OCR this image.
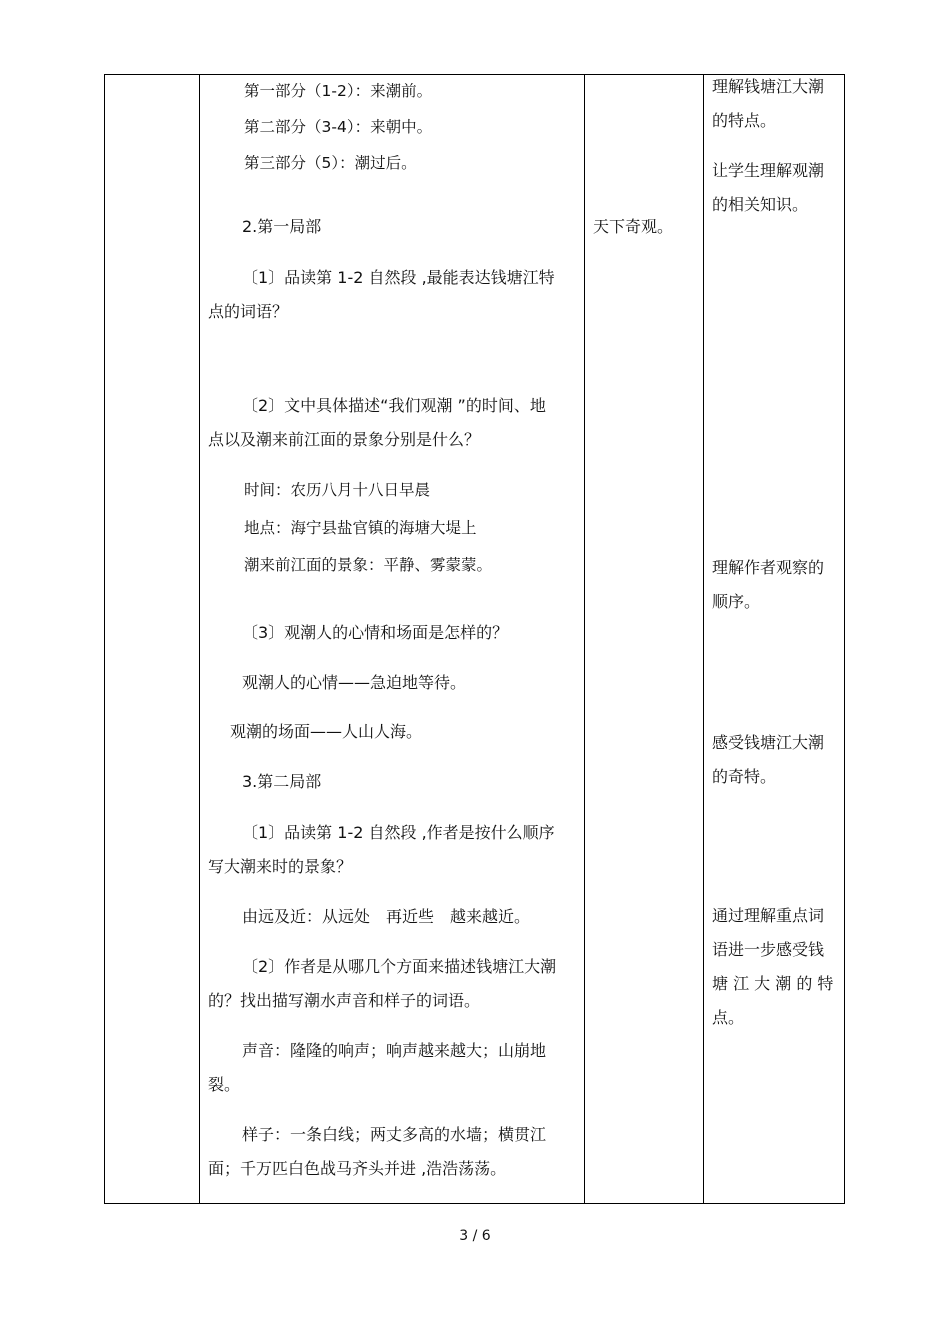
第一部分（1-2）：来潮前。
第二部分（3-4）：来朝中。
第三部分（5）：潮过后。
2.第一局部
〔1〕品读第 1-2 自然段 ,最能表达钱塘江特
点的词语？
〔2〕文中具体描述“我们观潮 ”的时间、地
点以及潮来前江面的景象分别是什么？
时间：农历八月十八日早晨
地点：海宁县盐官镇的海塘大堤上
潮来前江面的景象：平静、雾蒙蒙。
〔3〕观潮人的心情和场面是怎样的？
观潮人的心情——急迫地等待。
观潮的场面——人山人海。
3.第二局部
〔1〕品读第 1-2 自然段 ,作者是按什么顺序
写大潮来时的景象？
由远及近：从远处　再近些　越来越近。
〔2〕作者是从哪几个方面来描述钱塘江大潮
的？找出描写潮水声音和样子的词语。
声音：隆隆的响声；响声越来越大；山崩地
裂。
样子：一条白线；两丈多高的水墙；横贯江
面；千万匹白色战马齐头并进 ,浩浩荡荡。
天下奇观。
理解钱塘江大潮
的特点。
让学生理解观潮
的相关知识。
理解作者观察的
顺序。
感受钱塘江大潮
的奇特。
通过理解重点词
语进一步感受钱
塘 江 大 潮 的 特
点。
3 / 6
